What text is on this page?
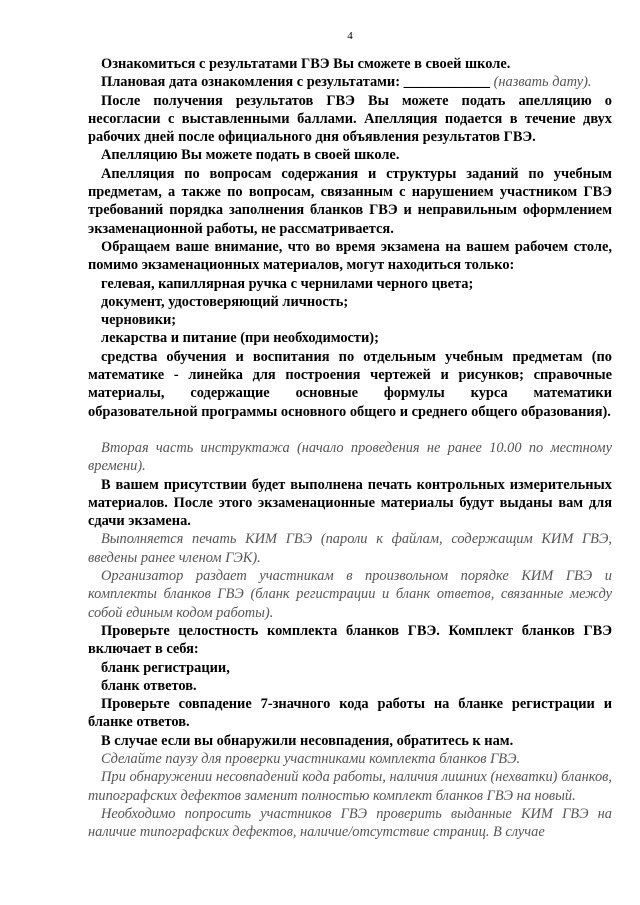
4

Ознакомиться с результатами ГВЭ Вы сможете в своей школе.

Плановая дата ознакомления с результатами: ____________ (назвать дату).

После получения результатов ГВЭ Вы можете подать апелляцию о несогласии с выставленными баллами. Апелляция подается в течение двух рабочих дней после официального дня объявления результатов ГВЭ.

Апелляцию Вы можете подать в своей школе.

Апелляция по вопросам содержания и структуры заданий по учебным предметам, а также по вопросам, связанным с нарушением участником ГВЭ требований порядка заполнения бланков ГВЭ и неправильным оформлением экзаменационной работы, не рассматривается.

Обращаем ваше внимание, что во время экзамена на вашем рабочем столе, помимо экзаменационных материалов, могут находиться только:

гелевая, капиллярная ручка с чернилами черного цвета;

документ, удостоверяющий личность;

черновики;

лекарства и питание (при необходимости);

средства обучения и воспитания по отдельным учебным предметам (по математике - линейка для построения чертежей и рисунков; справочные материалы, содержащие основные формулы курса математики образовательной программы основного общего и среднего общего образования).

Вторая часть инструктажа (начало проведения не ранее 10.00 по местному времени).

В вашем присутствии будет выполнена печать контрольных измерительных материалов. После этого экзаменационные материалы будут выданы вам для сдачи экзамена.

Выполняется печать КИМ ГВЭ (пароли к файлам, содержащим КИМ ГВЭ, введены ранее членом ГЭК).

Организатор раздает участникам в произвольном порядке КИМ ГВЭ и комплекты бланков ГВЭ (бланк регистрации и бланк ответов, связанные между собой единым кодом работы).

Проверьте целостность комплекта бланков ГВЭ. Комплект бланков ГВЭ включает в себя:

бланк регистрации,

бланк ответов.

Проверьте совпадение 7-значного кода работы на бланке регистрации и бланке ответов.

В случае если вы обнаружили несовпадения, обратитесь к нам.

Сделайте паузу для проверки участниками комплекта бланков ГВЭ.

При обнаружении несовпадений кода работы, наличия лишних (нехватки) бланков, типографских дефектов заменит полностью комплект бланков ГВЭ на новый.

Необходимо попросить участников ГВЭ проверить выданные КИМ ГВЭ на наличие типографских дефектов, наличие/отсутствие страниц. В случае
